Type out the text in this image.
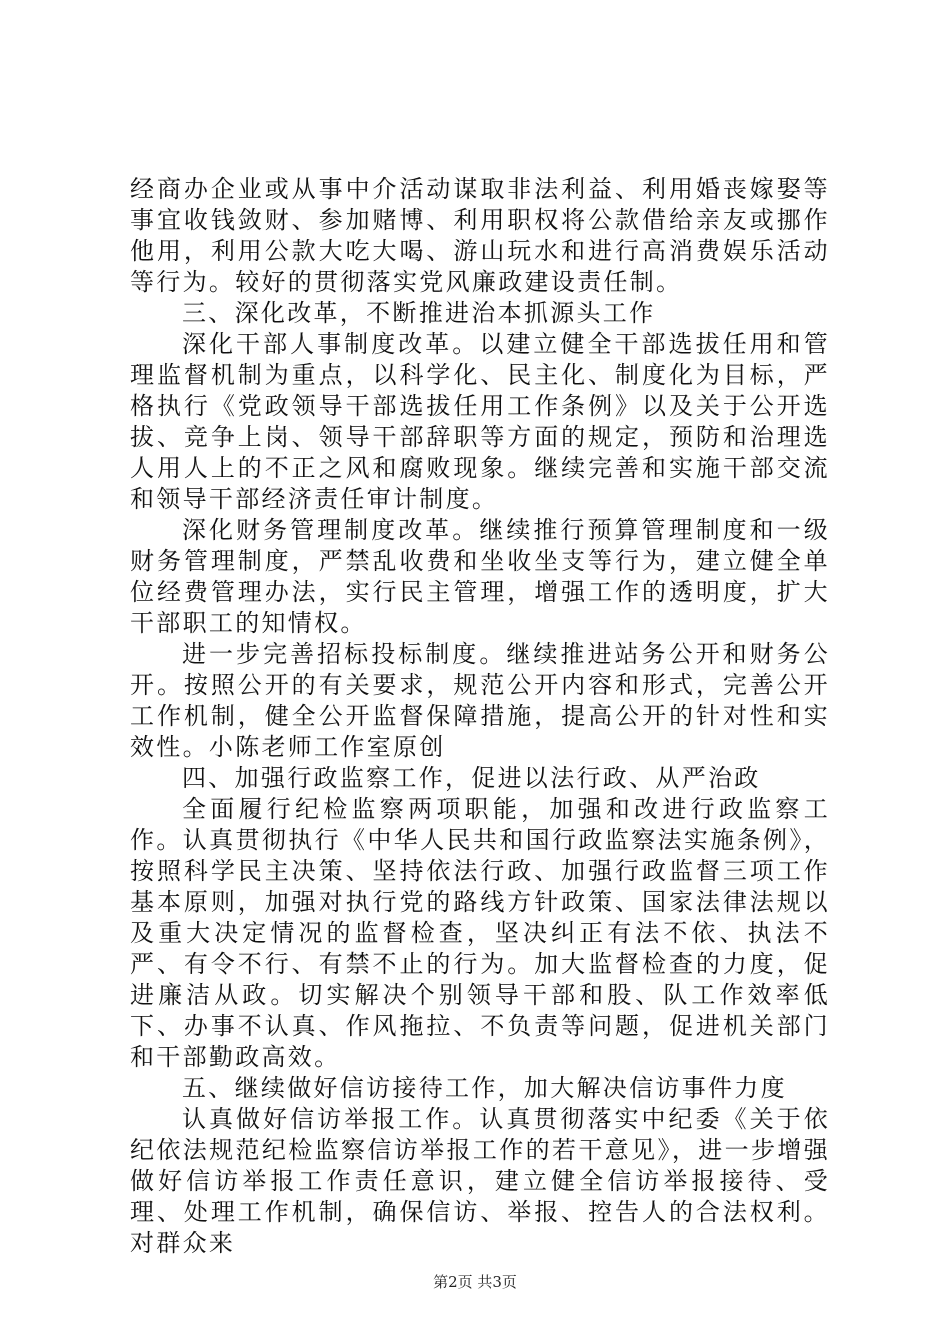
经商办企业或从事中介活动谋取非法利益、利用婚丧嫁娶等事宜收钱敛财、参加赌博、利用职权将公款借给亲友或挪作他用，利用公款大吃大喝、游山玩水和进行高消费娱乐活动等行为。较好的贯彻落实党风廉政建设责任制。

三、深化改革，不断推进治本抓源头工作

深化干部人事制度改革。以建立健全干部选拔任用和管理监督机制为重点，以科学化、民主化、制度化为目标，严格执行《党政领导干部选拔任用工作条例》以及关于公开选拔、竞争上岗、领导干部辞职等方面的规定，预防和治理选人用人上的不正之风和腐败现象。继续完善和实施干部交流和领导干部经济责任审计制度。

深化财务管理制度改革。继续推行预算管理制度和一级财务管理制度，严禁乱收费和坐收坐支等行为，建立健全单位经费管理办法，实行民主管理，增强工作的透明度，扩大干部职工的知情权。

进一步完善招标投标制度。继续推进站务公开和财务公开。按照公开的有关要求，规范公开内容和形式，完善公开工作机制，健全公开监督保障措施，提高公开的针对性和实效性。小陈老师工作室原创

四、加强行政监察工作，促进以法行政、从严治政

全面履行纪检监察两项职能，加强和改进行政监察工作。认真贯彻执行《中华人民共和国行政监察法实施条例》，按照科学民主决策、坚持依法行政、加强行政监督三项工作基本原则，加强对执行党的路线方针政策、国家法律法规以及重大决定情况的监督检查，坚决纠正有法不依、执法不严、有令不行、有禁不止的行为。加大监督检查的力度，促进廉洁从政。切实解决个别领导干部和股、队工作效率低下、办事不认真、作风拖拉、不负责等问题，促进机关部门和干部勤政高效。

五、继续做好信访接待工作，加大解决信访事件力度

认真做好信访举报工作。认真贯彻落实中纪委《关于依纪依法规范纪检监察信访举报工作的若干意见》，进一步增强做好信访举报工作责任意识，建立健全信访举报接待、受理、处理工作机制，确保信访、举报、控告人的合法权利。对群众来

第2页 共3页
